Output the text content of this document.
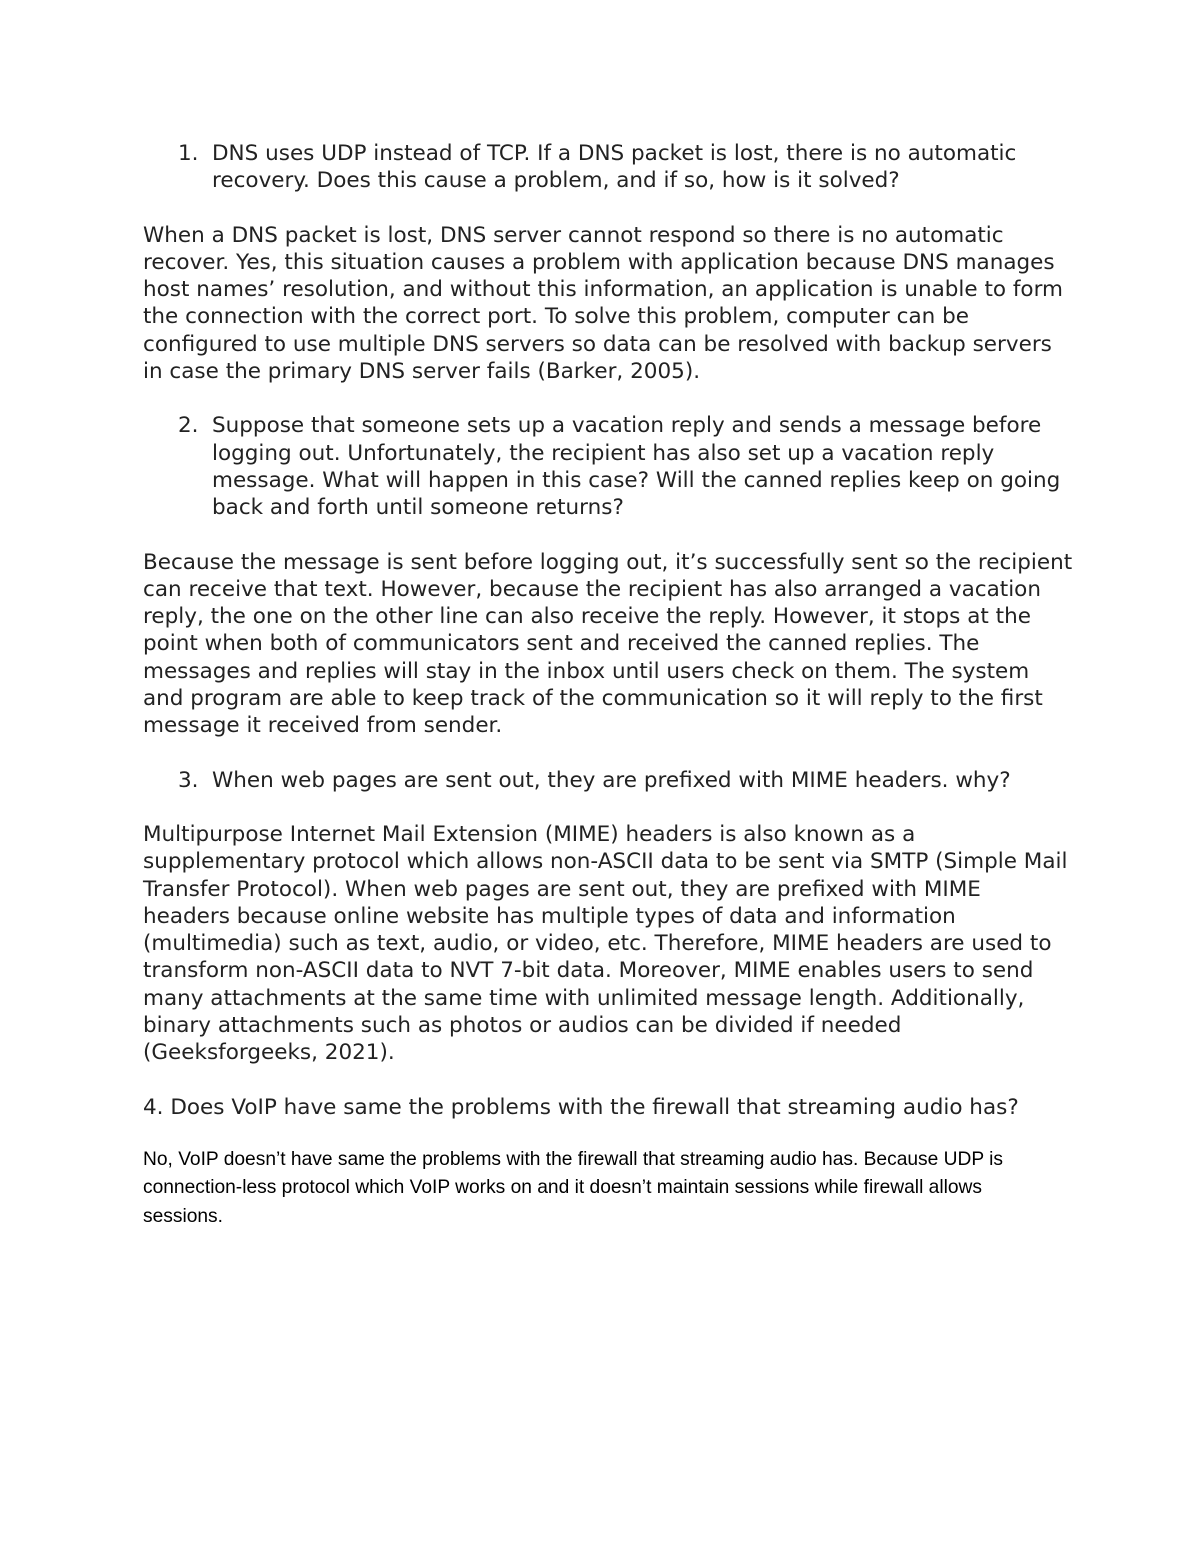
1. DNS uses UDP instead of TCP. If a DNS packet is lost, there is no automatic recovery. Does this cause a problem, and if so, how is it solved?

When a DNS packet is lost, DNS server cannot respond so there is no automatic recover. Yes, this situation causes a problem with application because DNS manages host names’ resolution, and without this information, an application is unable to form the connection with the correct port. To solve this problem, computer can be configured to use multiple DNS servers so data can be resolved with backup servers in case the primary DNS server fails (Barker, 2005).

2. Suppose that someone sets up a vacation reply and sends a message before logging out. Unfortunately, the recipient has also set up a vacation reply message. What will happen in this case? Will the canned replies keep on going back and forth until someone returns?

Because the message is sent before logging out, it’s successfully sent so the recipient can receive that text. However, because the recipient has also arranged a vacation reply, the one on the other line can also receive the reply. However, it stops at the point when both of communicators sent and received the canned replies. The messages and replies will stay in the inbox until users check on them. The system and program are able to keep track of the communication so it will reply to the first message it received from sender.

3. When web pages are sent out, they are prefixed with MIME headers. why?

Multipurpose Internet Mail Extension (MIME) headers is also known as a supplementary protocol which allows non-ASCII data to be sent via SMTP (Simple Mail Transfer Protocol). When web pages are sent out, they are prefixed with MIME headers because online website has multiple types of data and information (multimedia) such as text, audio, or video, etc. Therefore, MIME headers are used to transform non-ASCII data to NVT 7-bit data. Moreover, MIME enables users to send many attachments at the same time with unlimited message length. Additionally, binary attachments such as photos or audios can be divided if needed (Geeksforgeeks, 2021).

4. Does VoIP have same the problems with the firewall that streaming audio has?

No, VoIP doesn’t have same the problems with the firewall that streaming audio has. Because UDP is connection-less protocol which VoIP works on and it doesn’t maintain sessions while firewall allows sessions.
